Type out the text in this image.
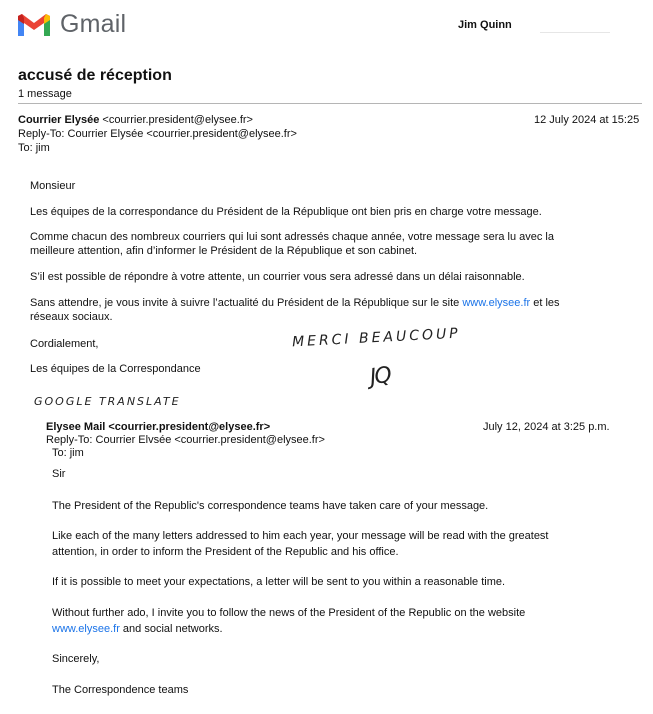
Gmail	Jim Quinn
accusé de réception
1 message
Courrier Elysée <courrier.president@elysee.fr>	12 July 2024 at 15:25
Reply-To: Courrier Elysée <courrier.president@elysee.fr>
To: jim
Monsieur
Les équipes de la correspondance du Président de la République ont bien pris en charge votre message.
Comme chacun des nombreux courriers qui lui sont adressés chaque année, votre message sera lu avec la meilleure attention, afin d’informer le Président de la République et son cabinet.
S’il est possible de répondre à votre attente, un courrier vous sera adressé dans un délai raisonnable.
Sans attendre, je vous invite à suivre l’actualité du Président de la République sur le site www.elysee.fr et les réseaux sociaux.
Cordialement,
Les équipes de la Correspondance
MERCI BEAUCOUP
JQ
GOOGLE TRANSLATE
Elysee Mail <courrier.president@elysee.fr>	July 12, 2024 at 3:25 p.m.
Reply-To: Courrier Elvsée <courrier.president@elysee.fr>
To: jim
Sir
The President of the Republic's correspondence teams have taken care of your message.
Like each of the many letters addressed to him each year, your message will be read with the greatest attention, in order to inform the President of the Republic and his office.
If it is possible to meet your expectations, a letter will be sent to you within a reasonable time.
Without further ado, I invite you to follow the news of the President of the Republic on the website www.elysee.fr and social networks.
Sincerely,
The Correspondence teams
